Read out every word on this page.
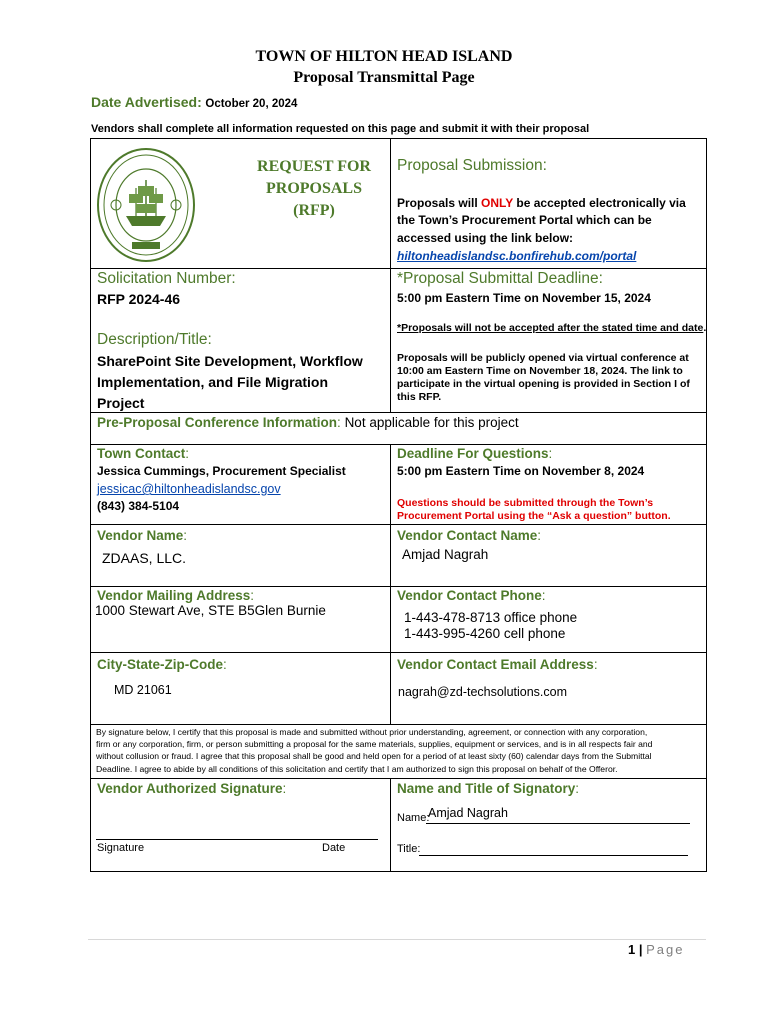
TOWN OF HILTON HEAD ISLAND
Proposal Transmittal Page
Date Advertised: October 20, 2024
Vendors shall complete all information requested on this page and submit it with their proposal
REQUEST FOR
PROPOSALS
(RFP)
Proposal Submission:
Proposals will ONLY be accepted electronically via
the Town’s Procurement Portal which can be
accessed using the link below:
hiltonheadislandsc.bonfirehub.com/portal
Solicitation Number:
RFP 2024-46
Description/Title:
SharePoint Site Development, Workflow
Implementation, and File Migration
Project
*Proposal Submittal Deadline:
5:00 pm Eastern Time on November 15, 2024
*Proposals will not be accepted after the stated time and date.
Proposals will be publicly opened via virtual conference at
10:00 am Eastern Time on November 18, 2024. The link to
participate in the virtual opening is provided in Section I of
this RFP.
Pre-Proposal Conference Information: Not applicable for this project
Town Contact:
Jessica Cummings, Procurement Specialist
jessicac@hiltonheadislandsc.gov
(843) 384-5104
Deadline For Questions:
5:00 pm Eastern Time on November 8, 2024
Questions should be submitted through the Town’s
Procurement Portal using the “Ask a question” button.
Vendor Name:
ZDAAS, LLC.
Vendor Contact Name:
Amjad Nagrah
Vendor Mailing Address:
1000 Stewart Ave, STE B5Glen Burnie
Vendor Contact Phone:
1-443-478-8713 office phone
1-443-995-4260 cell phone
City-State-Zip-Code:
MD 21061
Vendor Contact Email Address:
nagrah@zd-techsolutions.com
By signature below, I certify that this proposal is made and submitted without prior understanding, agreement, or connection with any corporation,
firm or any corporation, firm, or person submitting a proposal for the same materials, supplies, equipment or services, and is in all respects fair and
without collusion or fraud. I agree that this proposal shall be good and held open for a period of at least sixty (60) calendar days from the Submittal
Deadline. I agree to abide by all conditions of this solicitation and certify that I am authorized to sign this proposal on behalf of the Offeror.
Vendor Authorized Signature:
Signature	Date
Name and Title of Signatory:
Name:
Amjad Nagrah
Title:
1 | Page
